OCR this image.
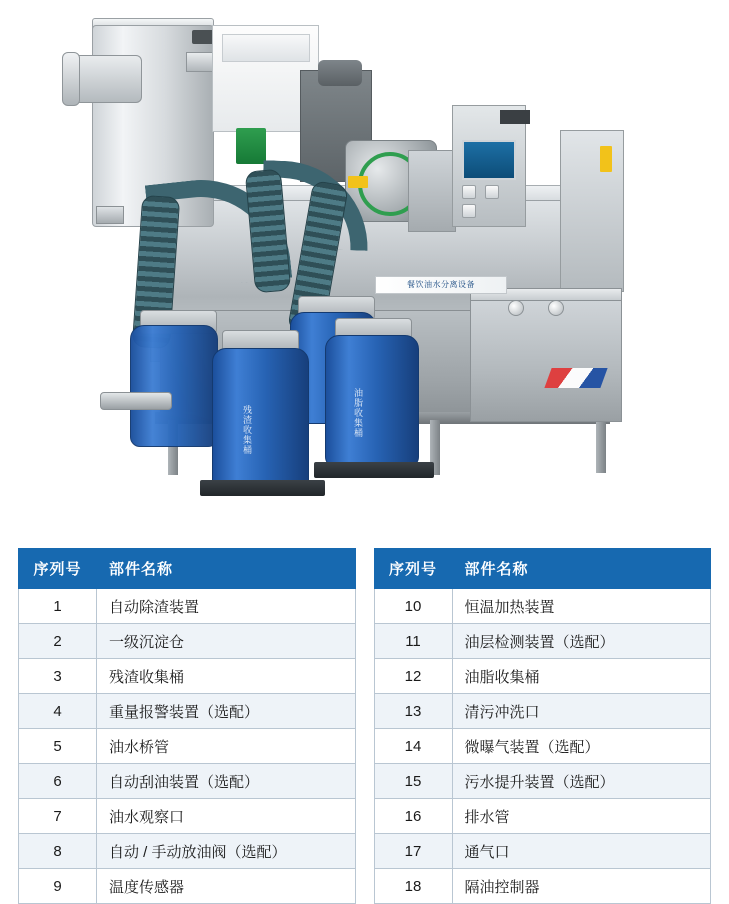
餐饮油水分离设备
残渣收集桶	油脂收集桶
序列号	部件名称
1	自动除渣装置
2	一级沉淀仓
3	残渣收集桶
4	重量报警装置（选配）
5	油水桥管
6	自动刮油装置（选配）
7	油水观察口
8	自动 / 手动放油阀（选配）
9	温度传感器
序列号	部件名称
10	恒温加热装置
11	油层检测装置（选配）
12	油脂收集桶
13	清污冲洗口
14	微曝气装置（选配）
15	污水提升装置（选配）
16	排水管
17	通气口
18	隔油控制器
